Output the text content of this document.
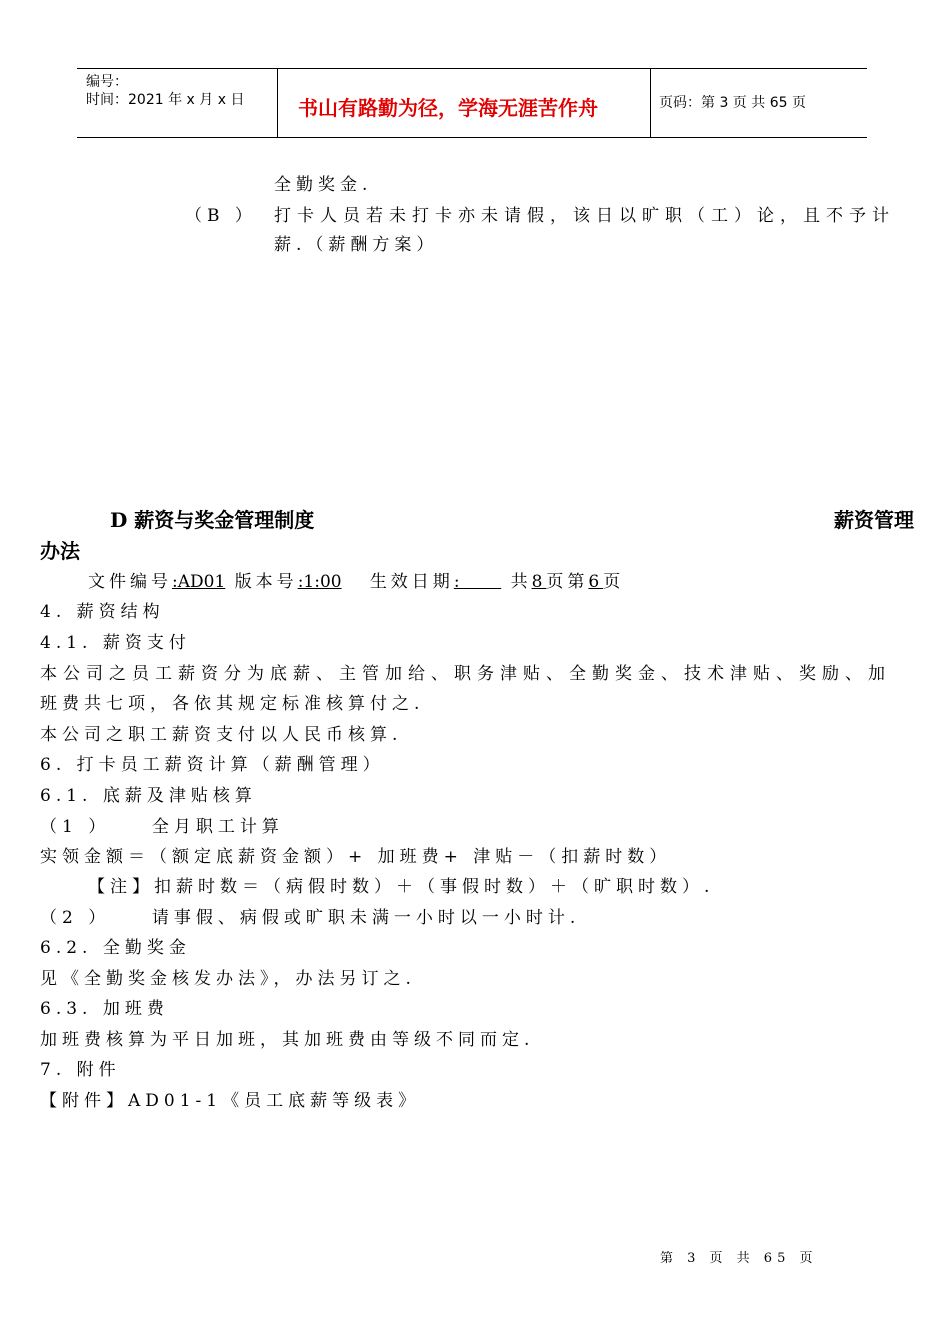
编号：
时间：2021 年 x 月 x 日	书山有路勤为径，学海无涯苦作舟	页码：第 3 页 共 65 页
全勤奖金.
（B ） 打卡人员若未打卡亦未请假，该日以旷职（工）论，且不予计
薪.（薪酬方案）
D 薪资与奖金管理制度	薪资管理
办法
文件编号:AD01 版本号:1:00 生效日期:	共8页第6页
4. 薪资结构
4.1. 薪资支付
本公司之员工薪资分为底薪、主管加给、职务津贴、全勤奖金、技术津贴、奖励、加
班费共七项，各依其规定标准核算付之.
本公司之职工薪资支付以人民币核算.
6. 打卡员工薪资计算（薪酬管理）
6.1. 底薪及津贴核算
（1 ）    全月职工计算
实领金额＝（额定底薪资金额）+ 加班费+ 津贴－（扣薪时数）
【注】扣薪时数＝（病假时数）＋（事假时数）＋（旷职时数）.
（2 ）    请事假、病假或旷职未满一小时以一小时计.
6.2. 全勤奖金
见《全勤奖金核发办法》，办法另订之.
6.3. 加班费
加班费核算为平日加班，其加班费由等级不同而定.
7. 附件
【附件】AD01-1《员工底薪等级表》
第 3 页 共 65 页
